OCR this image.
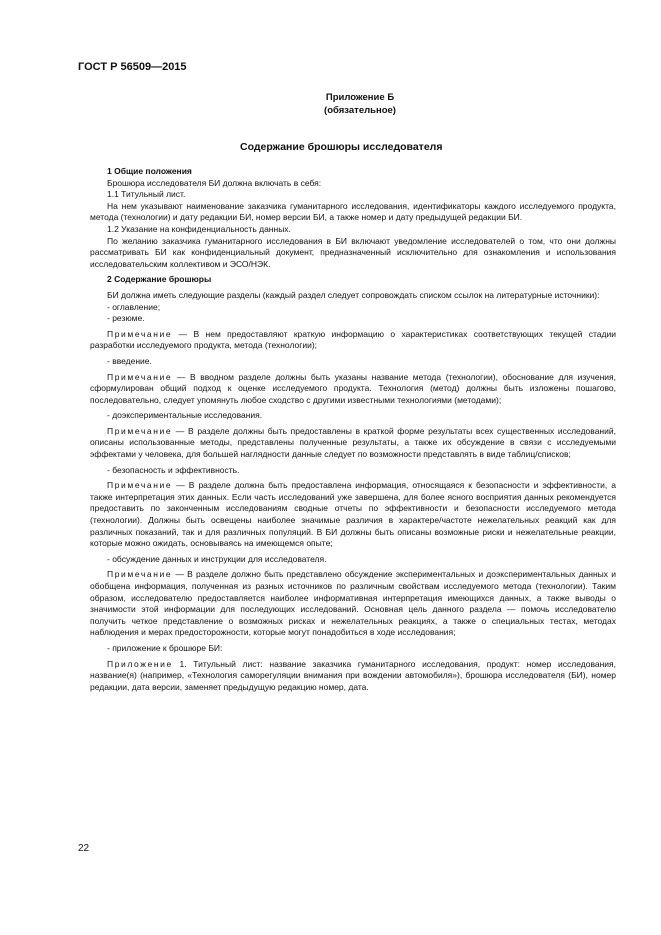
ГОСТ Р 56509—2015
Приложение Б
(обязательное)
Содержание брошюры исследователя

1 Общие положения

Брошюра исследователя БИ должна включать в себя:

1.1 Титульный лист.

На нем указывают наименование заказчика гуманитарного исследования, идентификаторы каждого исследуемого продукта, метода (технологии) и дату редакции БИ, номер версии БИ, а также номер и дату предыдущей редакции БИ.

1.2 Указание на конфиденциальность данных.

По желанию заказчика гуманитарного исследования в БИ включают уведомление исследователей о том, что они должны рассматривать БИ как конфиденциальный документ, предназначенный исключительно для ознакомления и использования исследовательским коллективом и ЭСО/НЭК.

2 Содержание брошюры

БИ должна иметь следующие разделы (каждый раздел следует сопровождать списком ссылок на литературные источники):

- оглавление;

- резюме.

Примечание — В нем предоставляют краткую информацию о характеристиках соответствующих текущей стадии разработки исследуемого продукта, метода (технологии);

- введение.

Примечание — В вводном разделе должны быть указаны название метода (технологии), обоснование для изучения, сформулирован общий подход к оценке исследуемого продукта. Технология (метод) должны быть изложены пошагово, последовательно, следует упомянуть любое сходство с другими известными технологиями (методами);

- доэкспериментальные исследования.

Примечание — В разделе должны быть предоставлены в краткой форме результаты всех существенных исследований, описаны использованные методы, представлены полученные результаты, а также их обсуждение в связи с исследуемыми эффектами у человека, для большей наглядности данные следует по возможности представлять в виде таблиц/списков;

- безопасность и эффективность.

Примечание — В разделе должна быть предоставлена информация, относящаяся к безопасности и эффективности, а также интерпретация этих данных. Если часть исследований уже завершена, для более ясного восприятия данных рекомендуется предоставить по законченным исследованиям сводные отчеты по эффективности и безопасности исследуемого метода (технологии). Должны быть освещены наиболее значимые различия в характере/частоте нежелательных реакций как для различных показаний, так и для различных популяций. В БИ должны быть описаны возможные риски и нежелательные реакции, которые можно ожидать, основываясь на имеющемся опыте;

- обсуждение данных и инструкции для исследователя.

Примечание — В разделе должно быть представлено обсуждение экспериментальных и доэкспериментальных данных и обобщена информация, полученная из разных источников по различным свойствам исследуемого метода (технологии). Таким образом, исследователю предоставляется наиболее информативная интерпретация имеющихся данных, а также выводы о значимости этой информации для последующих исследований. Основная цель данного раздела — помочь исследователю получить четкое представление о возможных рисках и нежелательных реакциях, а также о специальных тестах, методах наблюдения и мерах предосторожности, которые могут понадобиться в ходе исследования;

- приложение к брошюре БИ:

Приложение 1. Титульный лист: название заказчика гуманитарного исследования, продукт: номер исследования, название(я) (например, «Технология саморегуляции внимания при вождении автомобиля»), брошюра исследователя (БИ), номер редакции, дата версии, заменяет предыдущую редакцию номер, дата.

22
